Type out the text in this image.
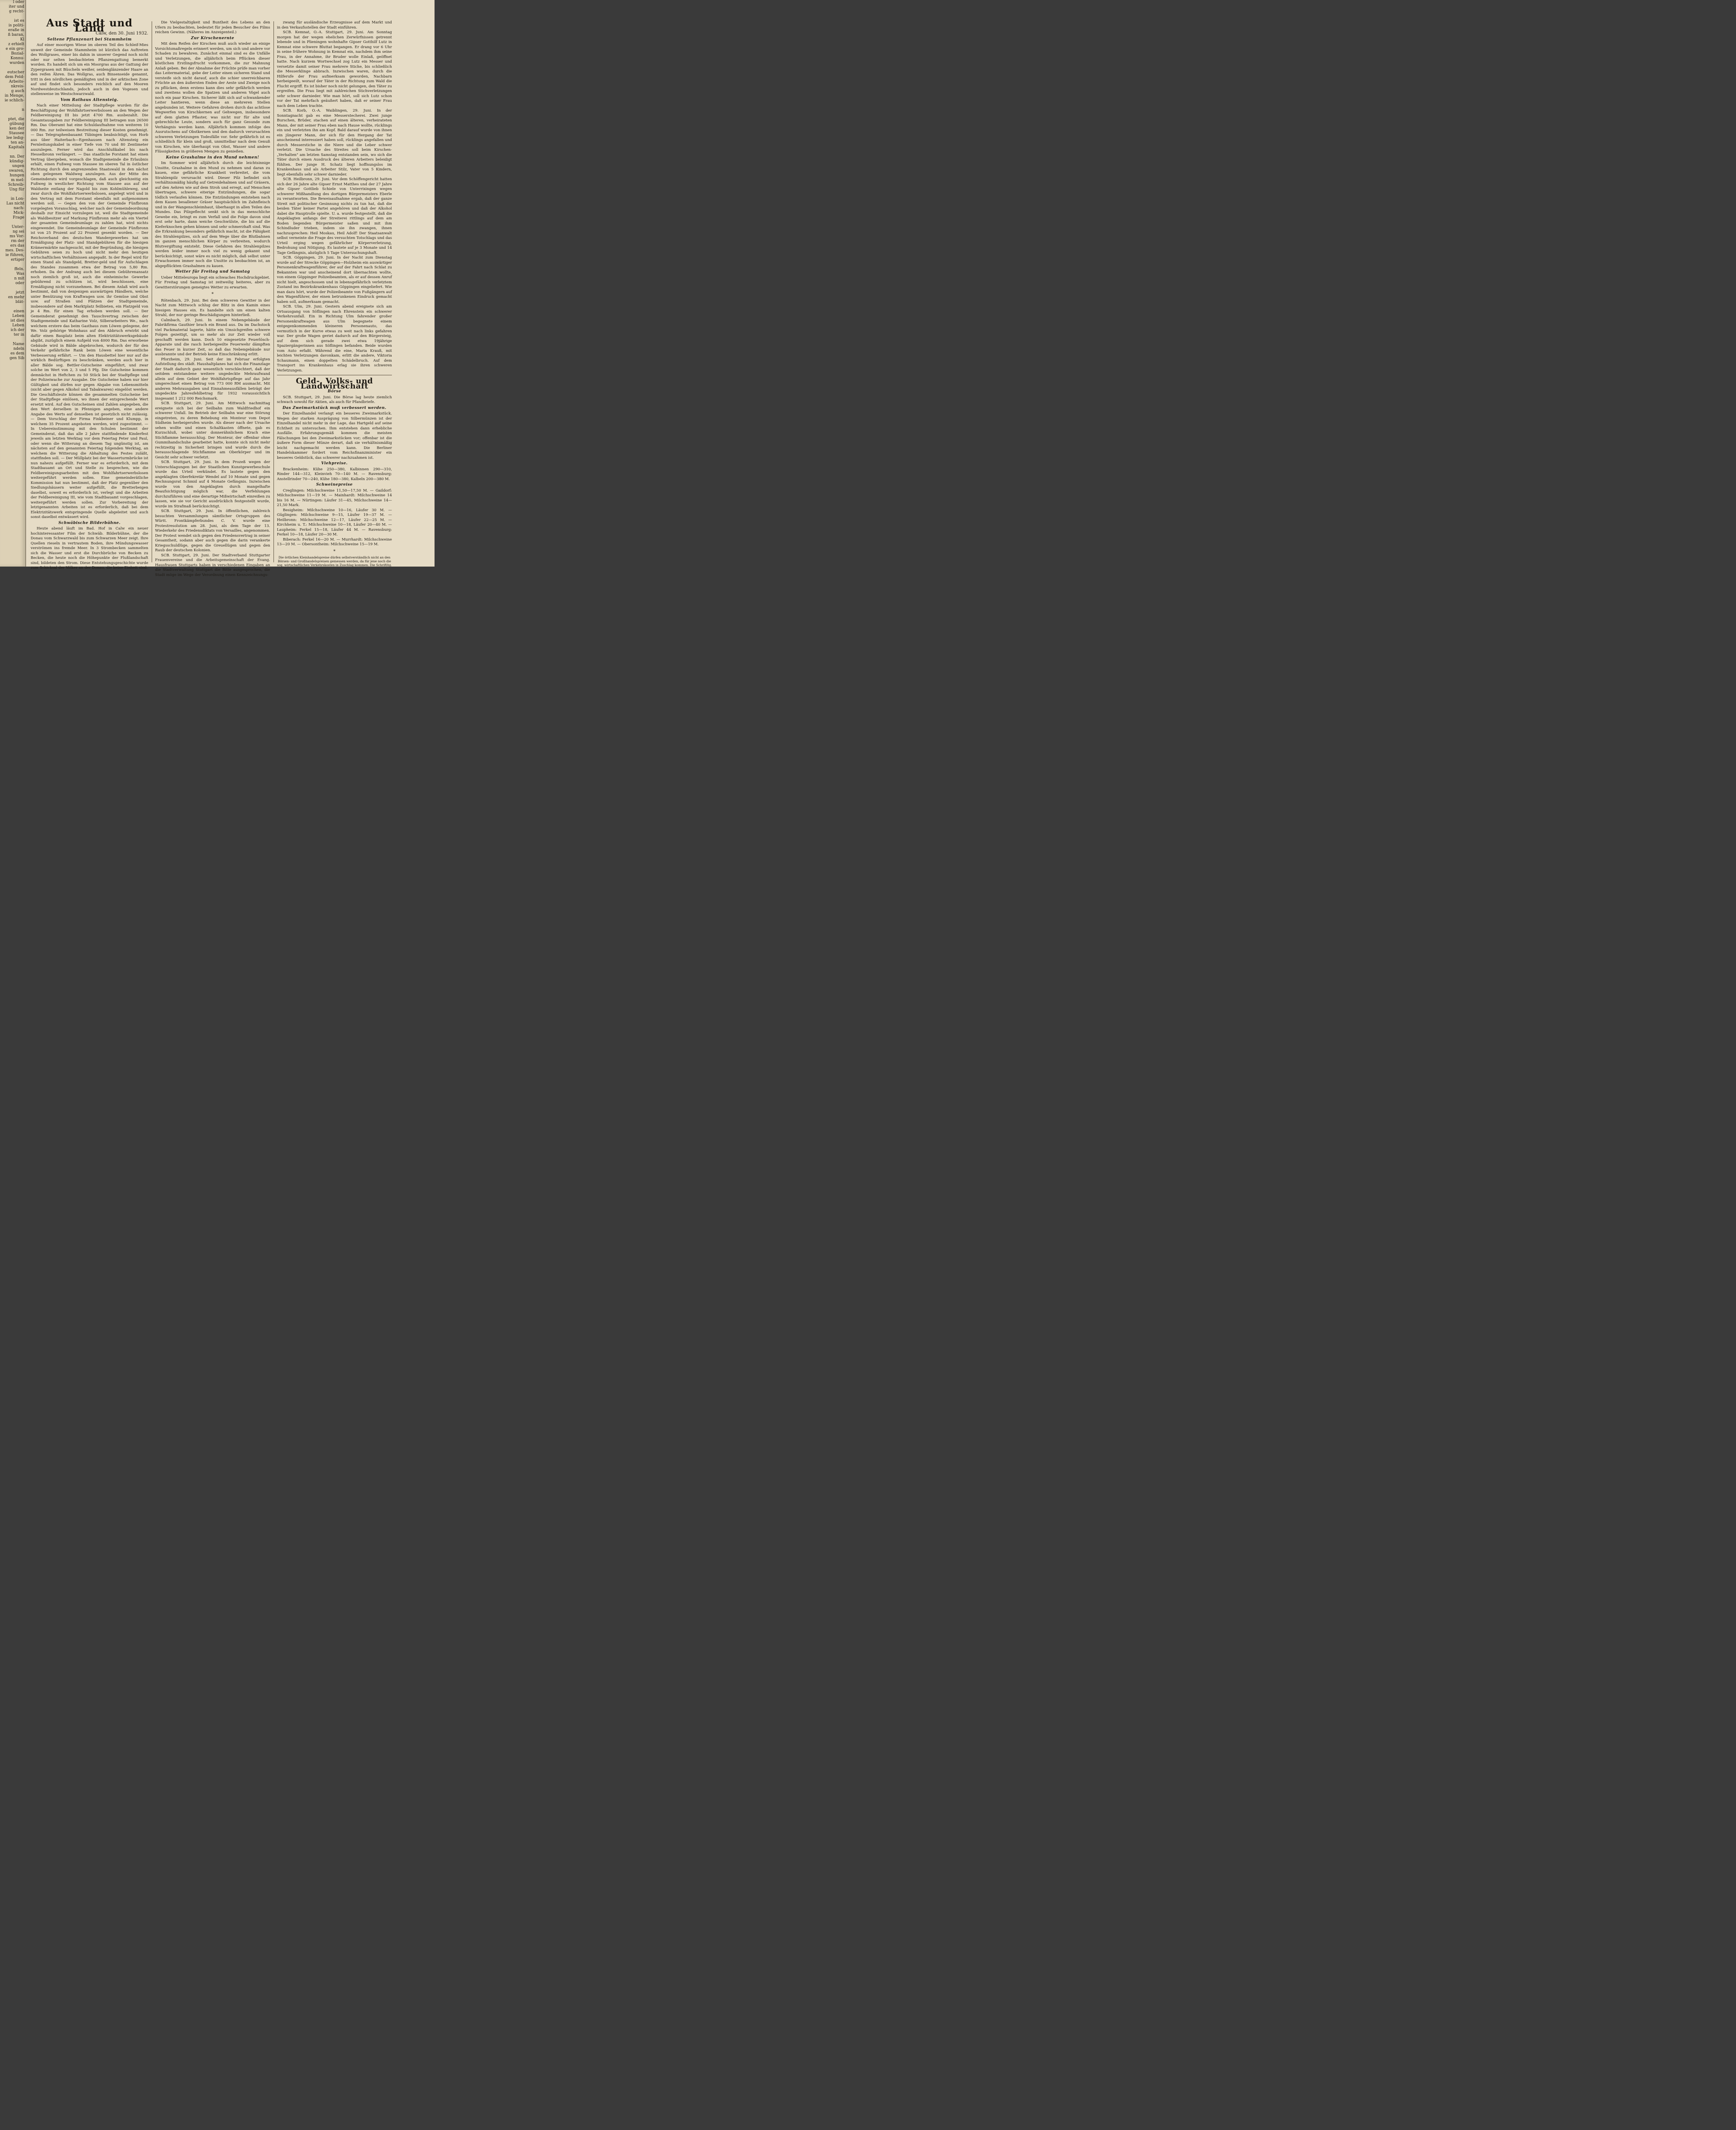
l oder
iter und
g recht-

ist es
is politi-
eraße in
ß baran,
Kl
z erhielt
e ein gro-
Bozial-
Konnu-
wurden

eutscher
dem Feld-
Arbeits-
nkreis-
g auch
in Menge,
ie schlich-

n

ptet, die
gübung
ken der
Stausee
lee ledig-
ten an-
Kapitals

nn. Der
kündig-
ungen
swaren,
hungen
m mel-
Schreib-
Ung für

in Lon-
Las nicht
nach-
Mick-
Frage

Unter-
ng sei
ms Vor-
rm der
ers das
mes. Des-
ie führen,
ertiger

ffeln.
Was
n mit
oder

jetzt
en mehr
blät-

einen
Leben
ist dies
Leben
ich der
ter in

Name
ndeln
es dem
gen Sib
Aus Stadt und Land
Calw, den 30. Juni 1932.
Seltene Pflanzenart bei Stammheim

Auf einer moorigen Wiese im oberen Teil des Schleif-Mies unweit der Gemeinde Stammheim ist kürzlich das Auftreten des Wollgrases, einer bis dahin in unserer Gegend noch nicht oder nur selten beobachteten Pflanzengattung bemerkt worden. Es handelt sich um ein Moorgras aus der Gattung der Zypergrasen mit Büscheln weißer, seidenglänzender Haare an den reifen Ähren. Das Wollgras, auch Binsenseide genannt, tritt in den nördlichen gemäßigten und in der arktischen Zone auf und findet sich besonders reichlich auf den Mooren Nordwestdeutschlands, jedoch auch in den Vogesen und stellenweise im Westschwarzwald.

Vom Rathaus Altensteig.

Nach einer Mitteilung der Stadtpflege wurden für die Beschäftigung der Wohlfahrtserwerbslosen an den Wegen der Feldbereinigung III bis jetzt 4700 Rm. ausbezahlt. Die Gesamtausgaben zur Feldbereinigung III betragen nun 26500 Rm. Das Oberamt hat eine Schuldaufnahme von weiteren 10 000 Rm. zur teilweisen Bestreitung dieser Kosten genehmigt. — Das Telegraphenbauamt Tübingen beabsichtigt, von Horb aus über Haiterbach—Egenhausen nach Altensteig ein Fernleitungskabel in einer Tiefe von 70 und 80 Zentimeter auszulegen. Ferner wird das Anschlußkabel bis nach Hesselbronn verlängert. — Das staatliche Forstamt hat einen Vertrag übergeben, wonach die Stadtgemeinde die Erlaubnis erhält, einen Fußweg vom Stausee im oberen Tal in östlicher Richtung durch den angrenzenden Staatswald in den nächst oben gelegenen Waldweg anzulegen. Aus der Mitte des Gemeinderats wird vorgeschlagen, daß auch gleichzeitig ein Fußweg in westlicher Richtung vom Stausee aus auf der Waldseite entlang der Nagold bis zum Kohlmühleweg, und zwar durch die Wohlfahrtserwerbslosen, angelegt wird und in den Vertrag mit dem Forstamt ebenfalls mit aufgenommen werden soll. — Gegen den von der Gemeinde Fünfbronn vorgelegten Voranschlag, welcher nach der Gemeindeordnung deshalb zur Einsicht vorzulegen ist, weil die Stadtgemeinde als Waldbesitzer auf Markung Fünfbronn mehr als ein Viertel der gesamten Gemeindeumlage zu zahlen hat, wird nichts eingewendet. Die Gemeindeumlage der Gemeinde Fünfbronn ist von 25 Prozent auf 22 Prozent gesenkt worden. — Der Reichsverband des deutschen Wandergewerbes hat um Ermäßigung der Platz- und Standgebühren für die hiesigen Krämermärkte nachgesucht, mit der Begründung, die hiesigen Gebühren seien zu hoch und nicht mehr den heutigen wirtschaftlichen Verhältnissen angepaßt. In der Regel wird für einen Stand als Standgeld, Bretter-geld und für Aufschlagen des Standes zusammen etwa der Betrag von 5,80 Rm. erhoben. Da der Andrang auch bei diesem Gebührenansatz noch ziemlich groß ist, auch die einheimische Gewerbe gebührend zu schützen ist, wird beschlossen, eine Ermäßigung nicht vorzunehmen. Bei diesem Anlaß wird auch bestimmt, daß von denjenigen auswärtigen Händlern, welche unter Benützung von Kraftwagen usw. ihr Gemüse und Obst usw. auf Straßen und Plätzen der Stadtgemeinde, insbesondere auf dem Marktplatz feilbieten, ein Platzgeld von je 4 Rm. für einen Tag erhoben werden soll. — Der Gemeinderat genehmigt den Tauschvertrag zwischen der Stadtgemeinde und Katharine Volz, Silberarbeiters We., nach welchem erstere das beim Gasthaus zum Löwen gelegene, der We. Volz gehörige Wohnhaus auf den Abbruch erwirbt und dafür einen Bauplatz beim alten Elektrizitätswerksgebäude abgibt, zuzüglich einem Aufgeld von 4000 Rm. Das erworbene Gebäude wird in Bälde abgebrochen, wodurch der für den Verkehr gefährliche Rank beim Löwen eine wesentliche Verbesserung erfährt. — Um den Hausbettel hier nur auf die wirklich Bedürftigen zu beschränken, werden auch hier in aller Bälde sog. Bettler-Gutscheine eingeführt, und zwar solche im Wert von 2, 3 und 5 Pfg. Die Gutscheine kommen demnächst in Heftchen zu 50 Stück bei der Stadtpflege und der Polizeiwache zur Ausgabe. Die Gutscheine haben nur hier Gültigkeit und dürfen nur gegen Abgabe von Lebensmitteln (nicht aber gegen Alkohol und Tabakwaren) eingelöst werden. Die Geschäftsleute können die gesammelten Gutscheine bei der Stadtpflege einlösen, wo ihnen der entsprechende Wert ersetzt wird. Auf den Gutscheinen sind Zahlen angegeben, die den Wert derselben in Pfennigen angeben, eine andere Angabe des Werts auf denselben ist gesetzlich nicht zulässig. — Dem Vorschlag der Firma Finkbeiner und Klumpp, in welchem 35 Prozent angeboten werden, wird zugestimmt. — In Uebereinstimmung mit den Schulen bestimmt der Gemeinderat, daß das alle 2 Jahre stattfindende Kinderfest jeweils am letzten Werktag vor dem Feiertag Peter und Paul, oder wenn die Witterung an diesem Tag ungünstig ist, am nächsten auf den genannten Feiertag folgenden Werktag, an welchem die Witterung die Abhaltung des Festes zuläßt, stattfinden soll. — Der Müllplatz bei der Wasserturmbrücke ist nun nahezu aufgefüllt. Ferner war es erforderlich, mit dem Stadtbauamt an Ort und Stelle zu besprechen, wie die Feldbereinigungsarbeiten mit den Wohlfahrtserwerbslosen weitergeführt werden sollen. Eine gemeinderätliche Kommission hat nun bestimmt, daß der Platz gegenüber den Siedlungshäusern weiter aufgefüllt, die Bretterbeigen daselbst, soweit es erforderlich ist, verlegt und die Arbeiten der Feldbereinigung III, wie vom Stadtbauamt vorgeschlagen, weitergeführt werden sollen. Zur Vorbereitung der letztgenannten Arbeiten ist es erforderlich, daß bei dem Elektrizitätswerk entspringende Quelle abgeleitet und auch sonst daselbst entwässert wird.

Schwäbische Bilderbühne.

Heute abend läuft im Bad. Hof in Calw ein neuer hochinteressanter Film der Schwäb. Bilderbühne, der die Donau vom Schwarzwald bis zum Schwarzen Meer zeigt. Ihre Quellen rieseln in vertrautem Boden, ihre Mündungswasser verströmen ins fremde Meer. In 3 Strombecken sammelten sich die Wasser und erst die Durchbrüche von Becken zu Becken, die heute noch die Höhepunkte der Flußlandschaft sind, bildeten den Strom. Diese Entstehungsgeschichte wurde zum Schicksal der Völker an der Donau, die keine Einheit sind.

Die Vielgestaltigkeit und Buntheit des Lebens an den Ufern zu beobachten, bedeutet für jeden Besucher des Films reichen Gewinn. (Näheres im Anzeigenteil.)

Zur Kirschenernte

Mit dem Reifen der Kirschen muß auch wieder an einige Vorsichtsmaßregeln erinnert werden, um sich und andere vor Schaden zu bewahren. Zunächst einmal sind es die Unfälle und Verletzungen, die alljährlich beim Pflücken dieser köstlichen Erstlingsfrucht vorkommen, die zur Mahnung Anlaß geben. Bei der Abnahme der Früchte prüfe man vorher das Leitermaterial, gebe der Leiter einen sicheren Stand und versteife sich nicht darauf, auch die schier unerreichbaren Früchte an den äußersten Enden der Aeste und Zweige noch zu pflücken, denn erstens kann dies sehr gefährlich werden und zweitens wollen die Spatzen und anderen Vögel auch noch ein paar Kirschen. Sicherer läßt sich auf schwankender Leiter hantieren, wenn diese an mehreren Stellen angebunden ist. Weitere Gefahren drohen durch das achtlose Wegwerfen von Kirschkernen auf Gehwegen, insbesondere auf dem glatten Pflaster, was nicht nur für alte und gebrechliche Leute, sondern auch für ganz Gesunde zum Verhängnis werden kann. Alljährlich kommen infolge des Ausrutschens auf Obstkernen und den dadurch verursachten schweren Verletzungen Todesfälle vor. Sehr gefährlich ist es schließlich für klein und groß, unmittelbar nach dem Genuß von Kirschen, wie überhaupt von Obst, Wasser und andere Flüssigkeiten in größeren Mengen zu genießen.

Keine Grashalme in den Mund nehmen!

Im Sommer wird alljährlich durch die leichtsinnige Unsitte, Grashalme in den Mund zu nehmen und daran zu kauen, eine gefährliche Krankheit verbreitet, die vom Strahlenpilz verursacht wird. Dieser Pilz befindet sich verhältnismäßig häufig auf Getreidehalmen und auf Gräsern, auf den Aehren wie auf dem Stroh und erregt, auf Menschen übertragen, schwere eiterige Entzündungen, die sogar tödlich verlaufen können. Die Entzündungen entstehen nach dem Kauen besallener Gräser hauptsächlich im Zahnfleisch und in der Wangenschleimhaut, überhaupt in allen Teilen des Mundes. Das Pilzgeflecht senkt sich in das menschliche Gewebe ein, bringt es zum Verfall und die Folge davon sind erst sehr harte, dann weiche Geschwülste, die bis auf die Kieferknochen gehen können und sehr schmerzhaft sind. Was die Erkrankung besonders gefährlich macht, ist die Fähigkeit des Strahlenpilzes, sich auf dem Wege über die Blutbahnen im ganzen menschlichen Körper zu verbreiten, wodurch Blutvergiftung entsteht. Diese Gefahren des Strahlenpilzes werden leider immer noch viel zu wenig gekannt und berücksichtigt, sonst wäre es nicht möglich, daß selbst unter Erwachsenen immer noch die Unsitte zu beobachten ist, an abgepflückten Grashalmen zu kauen.

Wetter für Freitag und Samstag

Ueber Mitteleuropa liegt ein schwaches Hochdruckgebiet. Für Freitag und Samstag ist zeitweilig heiteres, aber zu Gewitterstörungen geneigtes Wetter zu erwarten.

*

Rötenbach, 29. Juni. Bei dem schweren Gewitter in der Nacht zum Mittwoch schlug der Blitz in den Kamin eines hiesigen Hauses ein. Es handelte sich um einen kalten Strahl, der nur geringe Beschädigungen hinterließ.

Calmbach, 29. Juni. In einem Nebengebäude der Fabrikfirma Gauthier brach ein Brand aus. Da im Dachstock viel Packmaterial lagerte, hätte ein Umsichgreifen schwere Folgen gezeitigt, um so mehr als zur Zeit wieder voll geschafft werden kann. Doch 10 eingesetzte Feuerlösch-Apparate und die rasch herbeigeeilte Feuerwehr dämpften das Feuer in kurzer Zeit, so daß das Nebengebäude nur ausbrannte und der Betrieb keine Einschränkung erlitt.

Pforzheim, 29. Juni. Seit der im Februar erfolgten Aufstellung des städt. Haushaltplanes hat sich die Finanzlage der Stadt dadurch ganz wesentlich verschlechtert, daß der seitdem entstandene weitere ungedeckte Mehraufwand allein auf dem Gebiet der Wohlfahrtspflege auf das Jahr umgerechnet einen Betrag von 773 000 RM ausmacht. Mit anderen Mehrausgaben und Einnahmeausfällen beträgt der ungedeckte Jahresfehlbetrag für 1932 voraussichtlich insgesamt 1 212 000 Reichsmark.

SCB. Stuttgart, 29. Juni. Am Mittwoch nachmittag ereignete sich bei der Seilbahn zum Waldfriedhof ein schwerer Unfall. Im Betrieb der Seilbahn war eine Störung eingetreten, zu deren Behebung ein Monteur vom Depot Südheim herbeigerufen wurde. Als dieser nach der Ursache sehen wollte und einen Schaltkasten öffnete, gab es Kurzschluß, wobei unter donnerähnlichem Krach eine Stichflamme herausschlug. Der Monteur, der offenbar ohne Gummihandschuhe gearbeitet hatte, konnte sich nicht mehr rechtzeitig in Sicherheit bringen und wurde durch die herausschlagende Stichflamme am Oberkörper und im Gesicht sehr schwer verletzt.

SCB. Stuttgart, 29. Juni. In dem Prozeß wegen der Unterschlagungen bei der Staatlichen Kunstgewerbeschule wurde das Urteil verkündet. Es lautete gegen den angeklagten Oberfekretär Wendel auf 10 Monate und gegen Rechnungsrat Schmid auf 4 Monate Gefängnis. Inzwischen wurde von den Angeklagten durch mangelhafte Beaufsichtigung möglich war, die Verfehlungen durchzuführen und eine derartige Mißwirtschaft einreißen zu lassen, wie sie vor Gericht ausdrücklich festgestellt wurde, wurde im Strafmaß berücksichtigt.

SCB. Stuttgart, 29. Juni. In öffentlichen, zahlreich besuchten Versammlungen sämtlicher Ortsgruppen des Württ. Frontkämpferbundes C. V. wurde eine Protestresolution am 28. Juni, als dem Tage der 13. Wiederkehr des Friedensdiktats von Versailles, angenommen. Der Protest wendet sich gegen den Friedensvertrag in seiner Gesamtheit, sodann aber auch gegen die darin verankerte Kriegsschuldlüge, gegen die Greuellügen und gegen den Raub der deutschen Kolonien.

SCB. Stuttgart, 29. Juni. Der Stadtverband Stuttgarter Frauenvereine und die Arbeitsgemeinschaft der Evang. Hausfrauen Stuttgarts haben in verschiedenen Eingaben an die Stadtverwaltung Stuttgart die Bitte ausgesprochen, die Stadt möge im Wege der Verordnung einen Kennzeichnungs-

zwang für ausländische Erzeugnisse auf dem Markt und in den Verkaufsstellen der Stadt einführen.

SCB. Kemnat, O.-A. Stuttgart, 29. Juni. Am Sonntag morgen hat der wegen ehelichen Zerwürfnissen getrennt lebende und in Plieningen wohnhafte Gipser Gotthilf Lutz in Kemnat eine schwere Bluttat begangen. Er drang vor 6 Uhr in seine frühere Wohnung in Kemnat ein, nachdem ihm seine Frau, in der Annahme, ihr Bruder wolle Einlaß, geöffnet hatte. Nach kurzem Wortwechsel zog Lutz ein Messer und versetzte damit seiner Frau mehrere Stiche, bis schließlich die Messerklinge abbrach. Inzwischen waren, durch die Hilferufe der Frau aufmerksam geworden, Nachbarn herbeigeeilt, worauf der Täter in der Richtung zum Wald die Flucht ergriff. Es ist bisher noch nicht gelungen, den Täter zu ergreifen. Die Frau liegt mit zahlreichen Stichverletzungen sehr schwer darnieder. Wie man hört, soll sich Lutz schon vor der Tat mehrfach geäußert haben, daß er seiner Frau nach dem Leben trachte.

SCB. Korb, O.-A. Waiblingen, 29. Juni. In der Sonntagnacht gab es eine Messerstecherei. Zwei junge Burschen, Brüder, stachen auf einen älteren, verheirateten Mann, der mit seiner Frau eben nach Hause wollte, rücklings ein und verletzten ihn am Kopf. Bald darauf wurde von ihnen ein jüngerer Mann, der sich für den Hergang der Tat anscheinend interessiert haben soll, rücklings angefallen und durch Messerstiche in die Niere und die Leber schwer verletzt. Die Ursache des Streites soll beim Kirschen-„Verhalten" am letzten Samstag entstanden sein, wo sich die Täter durch einen Ausdruck des älteren Arbeiters beleidigt fühlten. Der junge H. Schatz liegt hoffnungslos im Krankenhaus und als Arbeiter Stilz, Vater von 5 Kindern, liegt ebenfalls sehr schwer darnieder.

SCB. Heilbronn, 29. Juni. Vor dem Schöffengericht hatten sich der 26 Jahre alte Gipser Ernst Matthes und der 27 Jahre alte Gipser Gottlieb Schiele von Unterrixingen wegen schwerer Mißhandlung des dortigen Bürgermeisters Eberle zu verantworten. Die Beweisaufnahme ergab, daß der ganze Streit mit politischer Gesinnung nichts zu tun hat, daß die beiden Täter keiner Partei angehören und daß der Alkohol dabei die Hauptrolle spielte. U. a. wurde festgestellt, daß die Angeklagten anfangs der Streiterei rittlings auf dem am Boden liegenden Bürgermeister saßen und mit ihm Schindluder trieben, indem sie ihn zwangen, ihnen nachzusprechen: Heil Moskau, Heil Adolf! Der Staatsanwalt selbst verneinte die Frage des versuchten Totschlags und das Urteil erging wegen gefährlicher Körperverletzung, Bedrohung und Nötigung. Es lautete auf je 3 Monate und 14 Tage Gefängnis, abzüglich 5 Tage Untersuchungshaft.

SCB. Göppingen, 29. Juni. In der Nacht zum Dienstag wurde auf der Strecke Göppingen—Holzheim ein auswärtiger Personenkraftwagenführer, der auf der Fahrt nach Schlat zu Bekannten war und anscheinend dort übernachten wollte, von einem Göppinger Polizeibeamten, als er auf dessen Anruf nicht hielt, angeschossen und in lebensgefährlich verletztem Zustand ins Bezirkskrankenhaus Göppingen eingeliefert. Wie man dazu hört, wurde der Polizeibeamte von Fußgängern auf den Wagenführer, der einen betrunkenen Eindruck gemacht haben soll, aufmerksam gemacht.

SCB. Ulm, 29. Juni. Gestern abend ereignete sich am Ortsausgang von Söflingen nach Ehrenstein ein schwerer Verkehrsunfall. Ein in Richtung Ulm fahrender großer Personenkraftwagen aus Ulm begegnete einem entgegenkommenden kleineren Personenauto, das vermutlich in der Kurve etwas zu weit nach links gefahren war. Der große Wagen geriet dadurch auf den Bürgersteig, auf dem sich gerade zwei etwa 19jährige Spaziergängerinnen aus Söflingen befanden. Beide wurden vom Auto erfaßt. Während die eine, Maria Krauß, mit leichten Verletzungen davonkam, erlitt die andere, Viktoria Schaumann, einen doppelten Schädelbruch. Auf dem Transport ins Krankenhaus erlag sie ihren schweren Verletzungen.

Geld-, Volks- und Landwirtschaft
Börse

SCB. Stuttgart, 29. Juni. Die Börse lag heute ziemlich schwach sowohl für Aktien, als auch für Pfandbriefe.

Das Zweimarkstück muß verbessert werden.

Der Einzelhandel verlangt ein besseres Zweimarkstück. Wegen der starken Ausprägung von Silbermünzen ist der Einzelhandel nicht mehr in der Lage, das Hartgeld auf seine Echtheit zu untersuchen. Ihm entstehen dann erhebliche Ausfälle. Erfahrungsgemäß kommen die meisten Fälschungen bei den Zweimarkstücken vor; offenbar ist die äußere Form dieser Münze derart, daß sie verhältnismäßig leicht nachgemacht werden kann. Die Berliner Handelskammer fordert vom Reichsfinanzminister ein besseres Geldstück, das schwerer nachzuahmen ist.

Viehpreise.

Brackenheim: Kühe 250—380, Kalbinnen 290—310, Rinder 144—312, Kleinvieh 70—140 M. — Ravensburg: Anstellrinder 70—240, Kühe 180—380, Kalbeln 200—380 M.

Schweinepreise

Creglingen: Milchschweine 11,50—17,50 M. — Gaildorf: Milchschweine 11—19 M. — Mainhardt: Milchschweine 14 bis 16 M. — Nürtingen: Läufer 31—45, Milchschweine 14—21,50 Mark.

Besigheim: Milchschweine 10—16, Läufer 30 M. — Güglingen: Milchschweine 9—15, Läufer 19—37 M. — Heilbronn: Milchschweine 12—17, Läufer 22—25 M. — Kirchheim u. T.: Milchschweine 10—18, Läufer 20—40 M. — Laupheim: Ferkel 15—18, Läufer 44 M. — Ravensburg: Ferkel 10—18, Läufer 20—30 M.

Biberach: Ferkel 16—20 M. — Murrhardt: Milchschweine 13—20 M. — Obersontheim: Milchschweine 15—19 M.

*

Die örtlichen Kleinhandelspreise dürfen selbstverständlich nicht an den Börsen- und Großhandelspreisen gemessen werden, da für jene noch die sog. wirtschaftlichen Verkehrskosten in Zuschlag kommen. Die Schriftltg.
